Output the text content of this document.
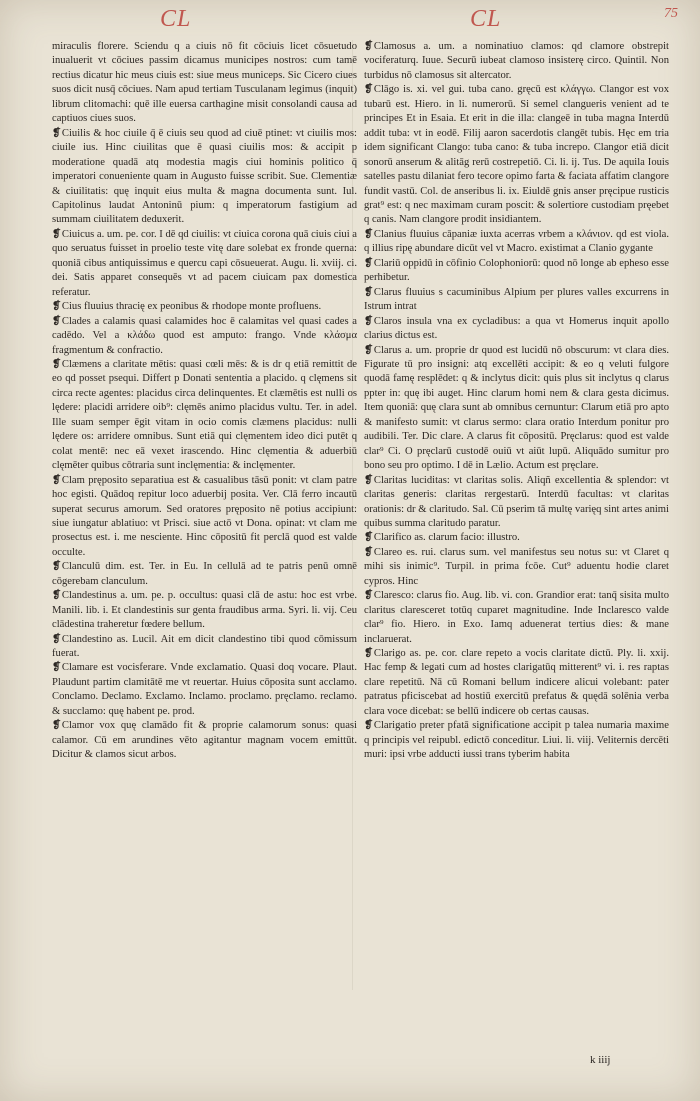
CL	CL	75

miraculis florere. Sciendu q a ciuis nō fit cōciuis licet cōsuetudo inualuerit vt cōciues passim dicamus municipes nostros: cum tamē rectius dicatur hic meus ciuis est: siue meus municeps. Sic Cicero ciues suos dicit nusq̄ cōciues. Nam apud tertiam Tusculanam legimus (inquit) librum clitomachi: quē ille euersa carthagine misit consolandi causa ad captiuos ciues suos.

❡Ciuilis & hoc ciuile q̄ ē ciuis seu quod ad ciuē ptinet: vt ciuilis mos: ciuile ius. Hinc ciuilitas que ē quasi ciuilis mos: & accipit p moderatione quadā atq modestia magis ciui hominis politico q̄ imperatori conueniente quam in Augusto fuisse scribit. Sue. Clementiæ & ciuilitatis: quę inquit eius multa & magna documenta sunt. Iul. Capitolinus laudat Antoninū pium: q imperatorum fastigium ad summam ciuilitatem deduxerit.

❡Ciuicus a. um. pe. cor. I dē qd ciuilis: vt ciuica corona quā ciuis ciui a quo seruatus fuisset in proelio teste vitę dare solebat ex fronde querna: quoniā cibus antiquissimus e quercu capi cōsueuerat. Augu. li. xviij. ci. dei. Satis apparet consequēs vt ad pacem ciuicam pax domestica referatur.

❡Cius fluuius thracię ex peonibus & rhodope monte profluens.

❡Clades a calamis quasi calamides hoc ē calamitas vel quasi cades a cadēdo. Vel a κλάδω quod est amputo: frango. Vnde κλάσμα fragmentum & confractio.

❡Clæmens a claritate mētis: quasi cœli mēs: & is dr q etiā remittit de eo qd posset psequi. Differt p Donati sententia a placido. q clęmens sit circa recte agentes: placidus circa delinquentes. Et clæmētis est nulli os lędere: placidi arridere oib⁹: clęmēs animo placidus vultu. Ter. in adel. Ille suam semper ēgit vitam in ocio comis clæmens placidus: nulli lędere os: arridere omnibus. Sunt etiā qui clęmentem ideo dici putēt q colat mentē: nec eā vexet irascendo. Hinc clęmentia & aduerbiū clęmēter quibus cōtraria sunt inclęmentia: & inclęmenter.

❡Clam pręposito separatiua est & casualibus tāsū ponit: vt clam patre hoc egisti. Quādoq repitur loco aduerbij posita. Ver. Clā ferro incautū superat securus amorum. Sed oratores pręposito nē potius accipiunt: siue iungatur ablatiuo: vt Prisci. siue actō vt Dona. opinat: vt clam me prosectus est. i. me nesciente. Hinc cōpositū fit perclā quod est valde occulte.

❡Clanculū dim. est. Ter. in Eu. In cellulā ad te patris penū omnē cōgerebam clanculum.

❡Clandestinus a. um. pe. p. occultus: quasi clā de astu: hoc est vrbe. Manili. lib. i. Et clandestinis sur genta fraudibus arma. Syri. li. vij. Ceu clādestina traheretur fœdere bellum.

❡Clandestino as. Lucil. Ait em dicit clandestino tibi quod cōmissum fuerat.

❡Clamare est vocisferare. Vnde exclamatio. Quasi doq vocare. Plaut. Plaudunt partim clamitātē me vt reuertar. Huius cōposita sunt acclamo. Conclamo. Declamo. Exclamo. Inclamo. proclamo. pręclamo. reclamo. & succlamo: quę habent pe. prod.

❡Clamor vox quę clamādo fit & proprie calamorum sonus: quasi calamor. Cū em arundines vēto agitantur magnam vocem emittūt. Dicitur & clamos sicut arbos.

❡Clamosus a. um. a nominatiuo clamos: qd clamore obstrepit vociferaturq. Iuue. Securū iubeat clamoso insisterę circo. Quintil. Non turbidus nō clamosus sit altercator.

❡Clāgo is. xi. vel gui. tuba cano. gręcū est κλάγγω. Clangor est vox tubarū est. Hiero. in li. numerorū. Si semel clangueris venient ad te principes Et in Esaia. Et erit in die illa: clangeē in tuba magna Interdū addit tuba: vt in eodē. Filij aaron sacerdotis clangēt tubis. Hęc em tria idem significant Clango: tuba cano: & tuba increpo. Clangor etiā dicit sonorū anserum & alitāg rerū costrepetiō. Ci. li. ij. Tus. De aquila Iouis satelles pastu dilaniat fero tecore opimo farta & faciata affatim clangore fundit vastū. Col. de anseribus li. ix. Eiuldē gnis anser pręcipue rusticis grat⁹ est: q nec maximam curam poscit: & solertiore custodiam pręebet q canis. Nam clangore prodit insidiantem.

❡Clanius fluuius cāpaniæ iuxta acerras vrbem a κλάνιον. qd est viola. q illius ripę abundare dicūt vel vt Macro. existimat a Clanio gygante

❡Clariū oppidū in cōfinio Colophoniorū: quod nō longe ab epheso esse perhibetur.

❡Clarus fluuius s cacuminibus Alpium per plures valles excurrens in Istrum intrat

❡Claros insula vna ex cycladibus: a qua vt Homerus inquit apollo clarius dictus est.

❡Clarus a. um. proprie dr quod est lucidū nō obscurum: vt clara dies. Figurate tū pro insigni: atq excellēti accipit: & eo q veluti fulgore quodā famę resplēdet: q & inclytus dicit: quis plus sit inclytus q clarus ppter in: quę ibi auget. Hinc clarum homi nem & clara gesta dicimus. Item quoniā: quę clara sunt ab omnibus cernuntur: Clarum etiā pro apto & manifesto sumit: vt clarus sermo: clara oratio Interdum ponitur pro audibili. Ter. Dic clare. A clarus fit cōpositū. Pręclarus: quod est valde clar⁹ Ci. O pręclarū custodē ouiū vt aiūt lupū. Aliquādo sumitur pro bono seu pro optimo. I dē in Lælio. Actum est pręclare.

❡Claritas luciditas: vt claritas solis. Aliqñ excellentia & splendor: vt claritas generis: claritas rergestarū. Interdū facultas: vt claritas orationis: dr & claritudo. Sal. Cū pserim tā multę varięq sint artes animi quibus summa claritudo paratur.

❡Clarifico as. clarum facio: illustro.

❡Clareo es. rui. clarus sum. vel manifestus seu notus su: vt Claret q mihi sis inimic⁹. Turpil. in prima fcōe. Cut⁹ aduentu hodie claret cypros. Hinc

❡Claresco: clarus fio. Aug. lib. vi. con. Grandior erat: tanq̄ sisita multo claritus claresceret totūq cuparet magnitudine. Inde Inclaresco valde clar⁹ fio. Hiero. in Exo. Iamq aduenerat tertius dies: & mane inclaruerat.

❡Clarigo as. pe. cor. clare repeto a vocis claritate dictū. Ply. li. xxij. Hac femp & legati cum ad hostes clarigatūq mitterent⁹ vi. i. res raptas clare repetitū. Nā cū Romani bellum indicere alicui volebant: pater patratus pficiscebat ad hostiū exercitū prefatus & quędā solēnia verba clara voce dicebat: se bellū indicere ob certas causas.

❡Clarigatio preter pfatā significatione accipit p talea numaria maxime q principis vel reipubl. edictō conceditur. Liui. li. viij. Veliternis dercēti muri: ipsi vrbe adducti iussi trans tyberim habita

k iiij
